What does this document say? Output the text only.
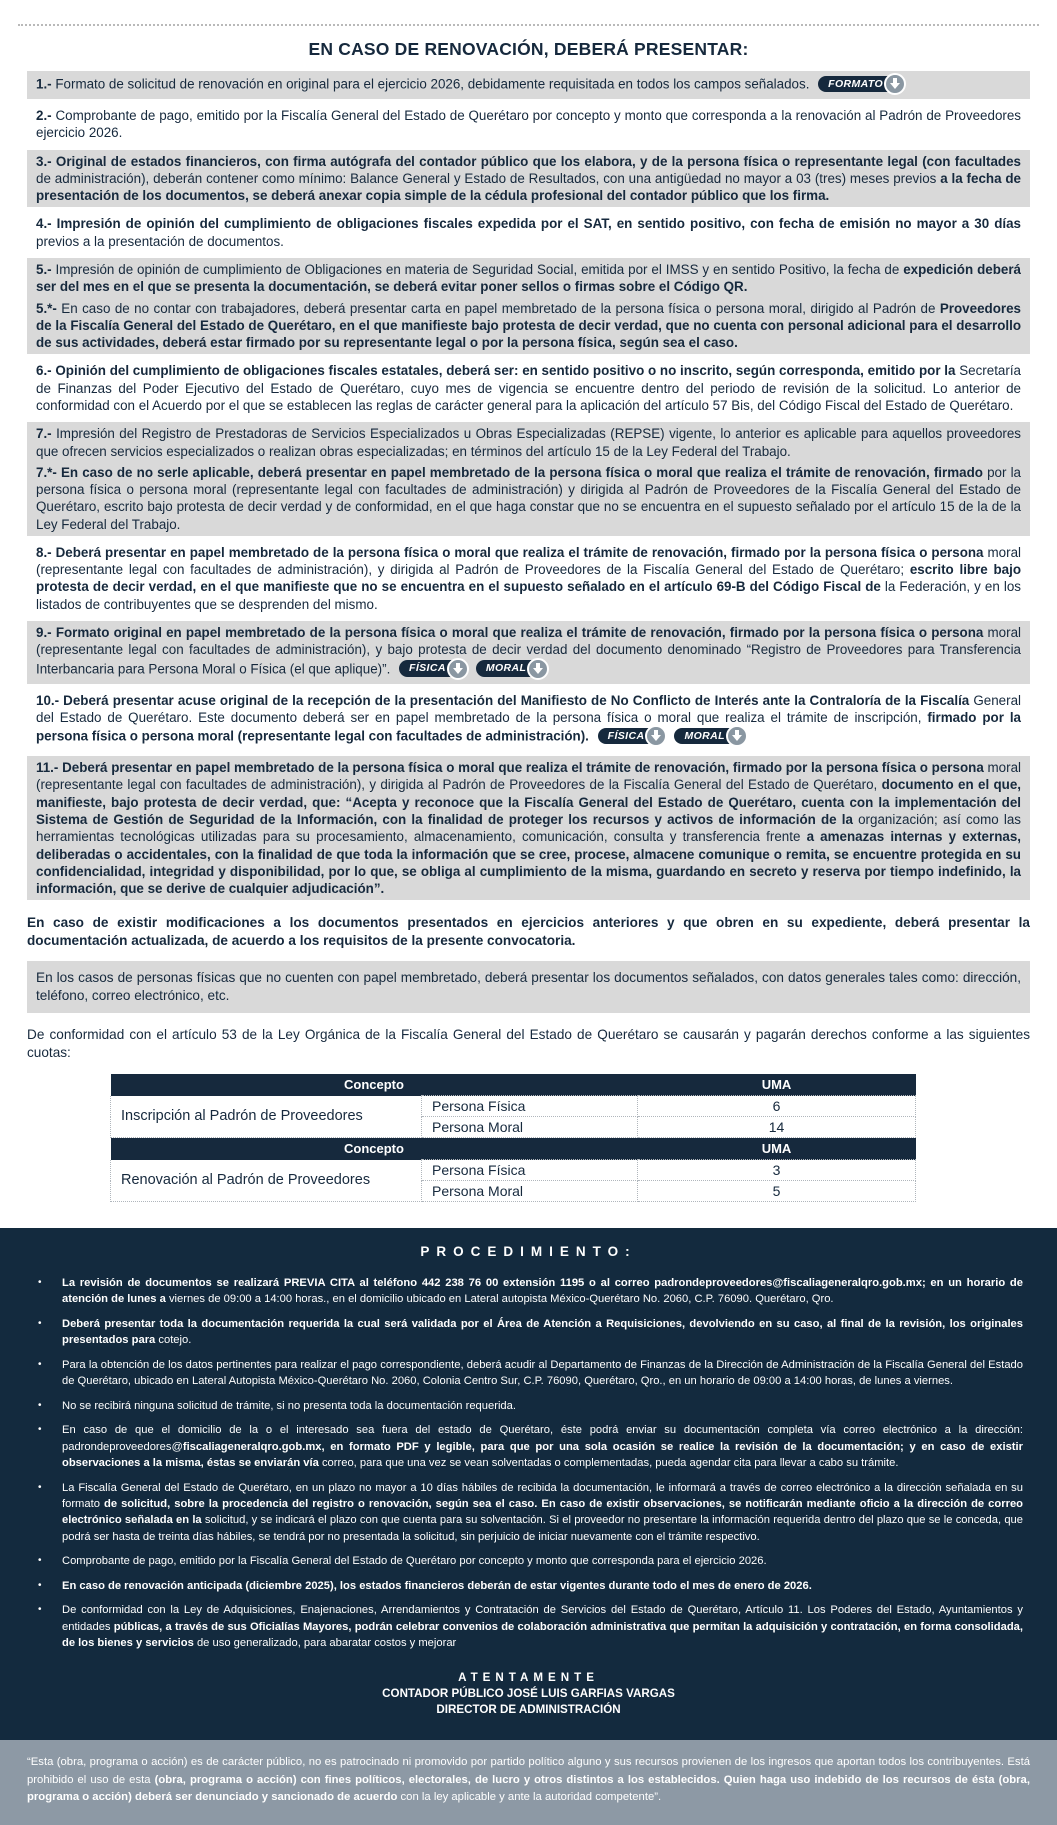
EN CASO DE RENOVACIÓN, DEBERÁ PRESENTAR:
1.- Formato de solicitud de renovación en original para el ejercicio 2026, debidamente requisitada en todos los campos señalados.	FORMATO
2.- Comprobante de pago, emitido por la Fiscalía General del Estado de Querétaro por concepto y monto que corresponda a la renovación al Padrón de Proveedores ejercicio 2026.
3.- Original de estados financieros, con firma autógrafa del contador público que los elabora, y de la persona física o representante legal (con facultades de administración), deberán contener como mínimo: Balance General y Estado de Resultados, con una antigüedad no mayor a 03 (tres) meses previos a la fecha de presentación de los documentos, se deberá anexar copia simple de la cédula profesional del contador público que los firma.
4.- Impresión de opinión del cumplimiento de obligaciones fiscales expedida por el SAT, en sentido positivo, con fecha de emisión no mayor a 30 días previos a la presentación de documentos.
5.- Impresión de opinión de cumplimiento de Obligaciones en materia de Seguridad Social, emitida por el IMSS y en sentido Positivo, la fecha de expedición deberá ser del mes en el que se presenta la documentación, se deberá evitar poner sellos o firmas sobre el Código QR.
5.*- En caso de no contar con trabajadores, deberá presentar carta en papel membretado de la persona física o persona moral, dirigido al Padrón de Proveedores de la Fiscalía General del Estado de Querétaro, en el que manifieste bajo protesta de decir verdad, que no cuenta con personal adicional para el desarrollo de sus actividades, deberá estar firmado por su representante legal o por la persona física, según sea el caso.
6.- Opinión del cumplimiento de obligaciones fiscales estatales, deberá ser: en sentido positivo o no inscrito, según corresponda, emitido por la Secretaría de Finanzas del Poder Ejecutivo del Estado de Querétaro, cuyo mes de vigencia se encuentre dentro del periodo de revisión de la solicitud. Lo anterior de conformidad con el Acuerdo por el que se establecen las reglas de carácter general para la aplicación del artículo 57 Bis, del Código Fiscal del Estado de Querétaro.
7.- Impresión del Registro de Prestadoras de Servicios Especializados u Obras Especializadas (REPSE) vigente, lo anterior es aplicable para aquellos proveedores que ofrecen servicios especializados o realizan obras especializadas; en términos del artículo 15 de la Ley Federal del Trabajo.
7.*- En caso de no serle aplicable, deberá presentar en papel membretado de la persona física o moral que realiza el trámite de renovación, firmado por la persona física o persona moral (representante legal con facultades de administración) y dirigida al Padrón de Proveedores de la Fiscalía General del Estado de Querétaro, escrito bajo protesta de decir verdad y de conformidad, en el que haga constar que no se encuentra en el supuesto señalado por el artículo 15 de la de la Ley Federal del Trabajo.
8.- Deberá presentar en papel membretado de la persona física o moral que realiza el trámite de renovación, firmado por la persona física o persona moral (representante legal con facultades de administración), y dirigida al Padrón de Proveedores de la Fiscalía General del Estado de Querétaro; escrito libre bajo protesta de decir verdad, en el que manifieste que no se encuentra en el supuesto señalado en el artículo 69-B del Código Fiscal de la Federación, y en los listados de contribuyentes que se desprenden del mismo.
9.- Formato original en papel membretado de la persona física o moral que realiza el trámite de renovación, firmado por la persona física o persona moral (representante legal con facultades de administración), y bajo protesta de decir verdad del documento denominado “Registro de Proveedores para Transferencia Interbancaria para Persona Moral o Física (el que aplique)”.	FÍSICA	MORAL
10.- Deberá presentar acuse original de la recepción de la presentación del Manifiesto de No Conflicto de Interés ante la Contraloría de la Fiscalía General del Estado de Querétaro. Este documento deberá ser en papel membretado de la persona física o moral que realiza el trámite de inscripción, firmado por la persona física o persona moral (representante legal con facultades de administración).	FÍSICA	MORAL
11.- Deberá presentar en papel membretado de la persona física o moral que realiza el trámite de renovación, firmado por la persona física o persona moral (representante legal con facultades de administración), y dirigida al Padrón de Proveedores de la Fiscalía General del Estado de Querétaro, documento en el que, manifieste, bajo protesta de decir verdad, que: “Acepta y reconoce que la Fiscalía General del Estado de Querétaro, cuenta con la implementación del Sistema de Gestión de Seguridad de la Información, con la finalidad de proteger los recursos y activos de información de la organización; así como las herramientas tecnológicas utilizadas para su procesamiento, almacenamiento, comunicación, consulta y transferencia frente a amenazas internas y externas, deliberadas o accidentales, con la finalidad de que toda la información que se cree, procese, almacene comunique o remita, se encuentre protegida en su confidencialidad, integridad y disponibilidad, por lo que, se obliga al cumplimiento de la misma, guardando en secreto y reserva por tiempo indefinido, la información, que se derive de cualquier adjudicación”.

En caso de existir modificaciones a los documentos presentados en ejercicios anteriores y que obren en su expediente, deberá presentar la documentación actualizada, de acuerdo a los requisitos de la presente convocatoria.

En los casos de personas físicas que no cuenten con papel membretado, deberá presentar los documentos señalados, con datos generales tales como: dirección, teléfono, correo electrónico, etc.

De conformidad con el artículo 53 de la Ley Orgánica de la Fiscalía General del Estado de Querétaro se causarán y pagarán derechos conforme a las siguientes cuotas:

Concepto		UMA
Inscripción al Padrón de Proveedores	Persona Física	6
	Persona Moral	14
Concepto		UMA
Renovación al Padrón de Proveedores	Persona Física	3
	Persona Moral	5
PROCEDIMIENTO:
•	La revisión de documentos se realizará PREVIA CITA al teléfono 442 238 76 00 extensión 1195 o al correo padrondeproveedores@fiscaliageneralqro.gob.mx; en un horario de atención de lunes a viernes de 09:00 a 14:00 horas., en el domicilio ubicado en Lateral autopista México-Querétaro No. 2060, C.P. 76090. Querétaro, Qro.
•	Deberá presentar toda la documentación requerida la cual será validada por el Área de Atención a Requisiciones, devolviendo en su caso, al final de la revisión, los originales presentados para cotejo.
•	Para la obtención de los datos pertinentes para realizar el pago correspondiente, deberá acudir al Departamento de Finanzas de la Dirección de Administración de la Fiscalía General del Estado de Querétaro, ubicado en Lateral Autopista México-Querétaro No. 2060, Colonia Centro Sur, C.P. 76090, Querétaro, Qro., en un horario de 09:00 a 14:00 horas, de lunes a viernes.
•	No se recibirá ninguna solicitud de trámite, si no presenta toda la documentación requerida.
•	En caso de que el domicilio de la o el interesado sea fuera del estado de Querétaro, éste podrá enviar su documentación completa vía correo electrónico a la dirección: padrondeproveedores@fiscaliageneralqro.gob.mx, en formato PDF y legible, para que por una sola ocasión se realice la revisión de la documentación; y en caso de existir observaciones a la misma, éstas se enviarán vía correo, para que una vez se vean solventadas o complementadas, pueda agendar cita para llevar a cabo su trámite.
•	La Fiscalía General del Estado de Querétaro, en un plazo no mayor a 10 días hábiles de recibida la documentación, le informará a través de correo electrónico a la dirección señalada en su formato de solicitud, sobre la procedencia del registro o renovación, según sea el caso. En caso de existir observaciones, se notificarán mediante oficio a la dirección de correo electrónico señalada en la solicitud, y se indicará el plazo con que cuenta para su solventación. Si el proveedor no presentare la información requerida dentro del plazo que se le conceda, que podrá ser hasta de treinta días hábiles, se tendrá por no presentada la solicitud, sin perjuicio de iniciar nuevamente con el trámite respectivo.
•	Comprobante de pago, emitido por la Fiscalía General del Estado de Querétaro por concepto y monto que corresponda para el ejercicio 2026.
•	En caso de renovación anticipada (diciembre 2025), los estados financieros deberán de estar vigentes durante todo el mes de enero de 2026.
•	De conformidad con la Ley de Adquisiciones, Enajenaciones, Arrendamientos y Contratación de Servicios del Estado de Querétaro, Artículo 11. Los Poderes del Estado, Ayuntamientos y entidades públicas, a través de sus Oficialías Mayores, podrán celebrar convenios de colaboración administrativa que permitan la adquisición y contratación, en forma consolidada, de los bienes y servicios de uso generalizado, para abaratar costos y mejorar
ATENTAMENTE
CONTADOR PÚBLICO JOSÉ LUIS GARFIAS VARGAS
DIRECTOR DE ADMINISTRACIÓN
“Esta (obra, programa o acción) es de carácter público, no es patrocinado ni promovido por partido político alguno y sus recursos provienen de los ingresos que aportan todos los contribuyentes. Está prohibido el uso de esta (obra, programa o acción) con fines políticos, electorales, de lucro y otros distintos a los establecidos. Quien haga uso indebido de los recursos de ésta (obra, programa o acción) deberá ser denunciado y sancionado de acuerdo con la ley aplicable y ante la autoridad competente”.
